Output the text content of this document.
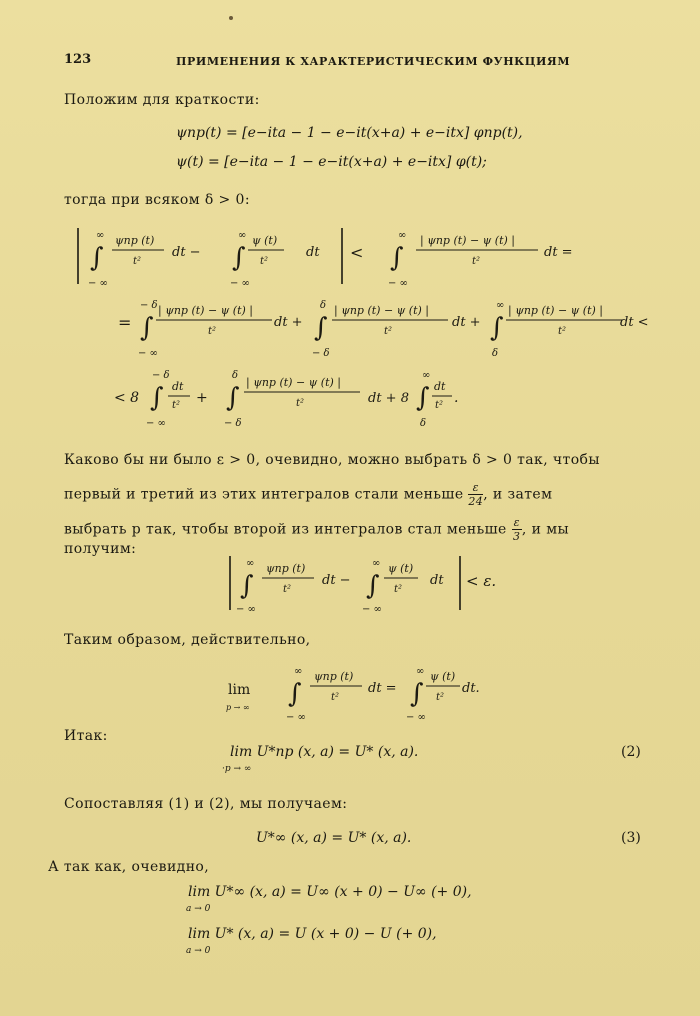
123	ПРИМЕНЕНИЯ К ХАРАКТЕРИСТИЧЕСКИМ ФУНКЦИЯМ
Положим для краткости:
ψnp(t) = [e−ita − 1 − e−it(x+a) + e−itx] φnp(t),
ψ(t) = [e−ita − 1 − e−it(x+a) + e−itx] φ(t);
тогда при всяком δ > 0:
∞
∫
− ∞
ψnp (t)
t²
dt −
∞
∫
− ∞
ψ (t)
t²
dt <
∞
∫
− ∞
| ψnp (t) − ψ (t) |
t²
dt =
− δ
= ∫
− ∞
| ψnp (t) − ψ (t) |
t²
dt +
δ
∫
− δ
| ψnp (t) − ψ (t) |
t²
dt +
∞
∫
δ
| ψnp (t) − ψ (t) |
t²
dt <
− δ
< 8 ∫
− ∞
dt
t² +
δ
∫
− δ
| ψnp (t) − ψ (t) |
t²	dt + 8
∞
∫
δ
dt
t² .
Каково бы ни было ε > 0, очевидно, можно выбрать δ > 0 так, чтобы
первый и третий из этих интегралов стали меньше $\frac{\varepsilon}{24}$ , и затем
выбрать p так, чтобы второй из интегралов стал меньше $\frac{\varepsilon}{3}$ , и мы
получим:
∞
∫
− ∞
ψnp (t)
t²
dt −
∞
∫
− ∞
ψ (t)
t²
dt < ε.
Таким образом, действительно,
lim
p → ∞
∞
∫
− ∞
ψnp (t)
t²
dt =
∞
∫
− ∞
ψ (t)
t²
dt.
Итак:
lim U*np (x, a) = U* (x, a).	(2)
·p → ∞
Сопоставляя (1) и (2), мы получаем:
U*∞ (x, a) = U* (x, a).	(3)
А так как, очевидно,
lim U*∞ (x, a) = U∞ (x + 0) − U∞ (+ 0),
a → 0
lim U* (x, a) = U (x + 0) − U (+ 0),
a → 0
